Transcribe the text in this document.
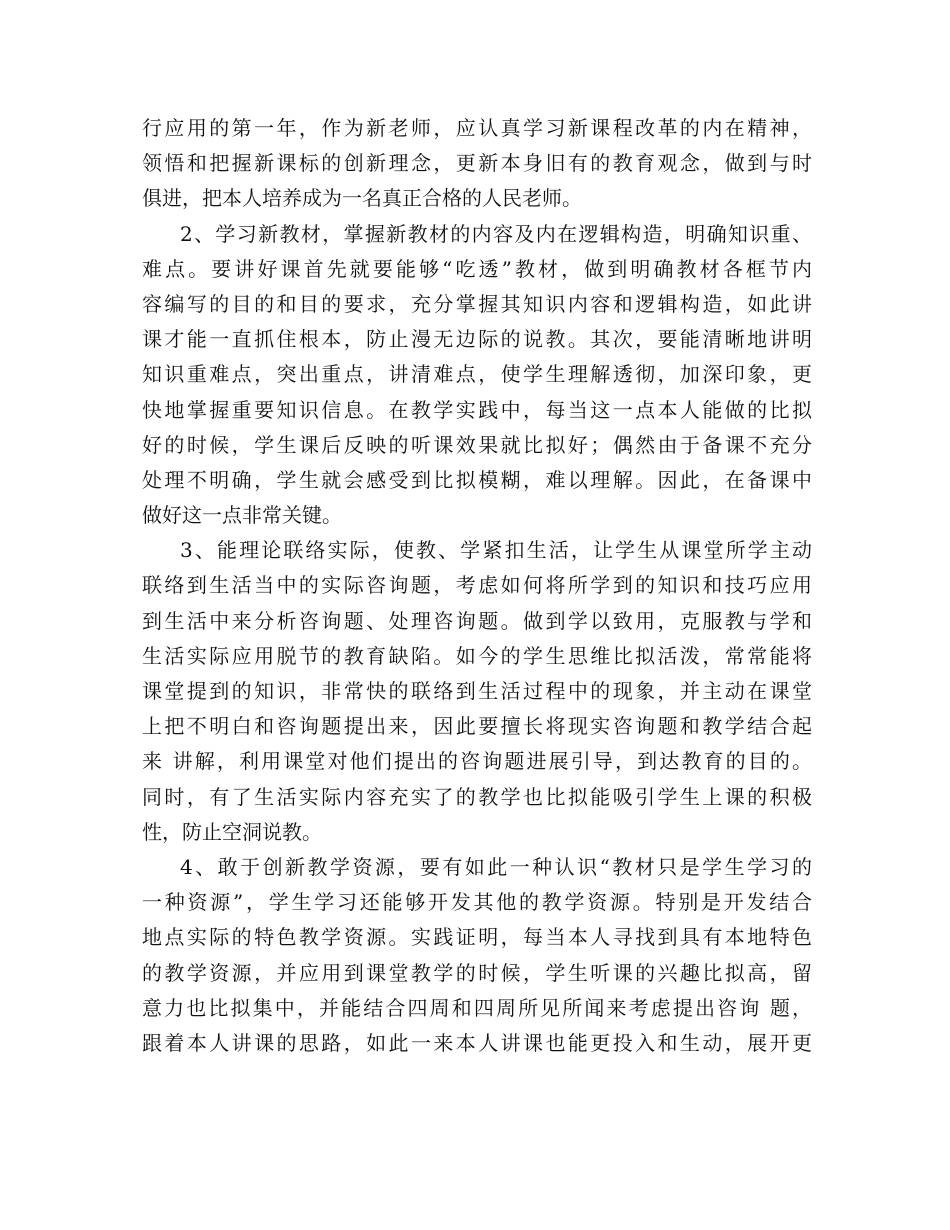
行应用的第一年，作为新老师，应认真学习新课程改革的内在精神，
领悟和把握新课标的创新理念，更新本身旧有的教育观念，做到与时
俱进，把本人培养成为一名真正合格的人民老师。
2、学习新教材，掌握新教材的内容及内在逻辑构造，明确知识重、
难点。要讲好课首先就要能够“吃透”教材，做到明确教材各框节内
容编写的目的和目的要求，充分掌握其知识内容和逻辑构造，如此讲
课才能一直抓住根本，防止漫无边际的说教。其次，要能清晰地讲明
知识重难点，突出重点，讲清难点，使学生理解透彻，加深印象，更
快地掌握重要知识信息。在教学实践中，每当这一点本人能做的比拟
好的时候，学生课后反映的听课效果就比拟好；偶然由于备课不充分
处理不明确，学生就会感受到比拟模糊，难以理解。因此，在备课中
做好这一点非常关键。
3、能理论联络实际，使教、学紧扣生活，让学生从课堂所学主动
联络到生活当中的实际咨询题，考虑如何将所学到的知识和技巧应用
到生活中来分析咨询题、处理咨询题。做到学以致用，克服教与学和
生活实际应用脱节的教育缺陷。如今的学生思维比拟活泼，常常能将
课堂提到的知识，非常快的联络到生活过程中的现象，并主动在课堂
上把不明白和咨询题提出来，因此要擅长将现实咨询题和教学结合起
来 讲解，利用课堂对他们提出的咨询题进展引导，到达教育的目的。
同时，有了生活实际内容充实了的教学也比拟能吸引学生上课的积极
性，防止空洞说教。
4、敢于创新教学资源，要有如此一种认识“教材只是学生学习的
一种资源”，学生学习还能够开发其他的教学资源。特别是开发结合
地点实际的特色教学资源。实践证明，每当本人寻找到具有本地特色
的教学资源，并应用到课堂教学的时候，学生听课的兴趣比拟高，留
意力也比拟集中，并能结合四周和四周所见所闻来考虑提出咨询 题，
跟着本人讲课的思路，如此一来本人讲课也能更投入和生动，展开更
